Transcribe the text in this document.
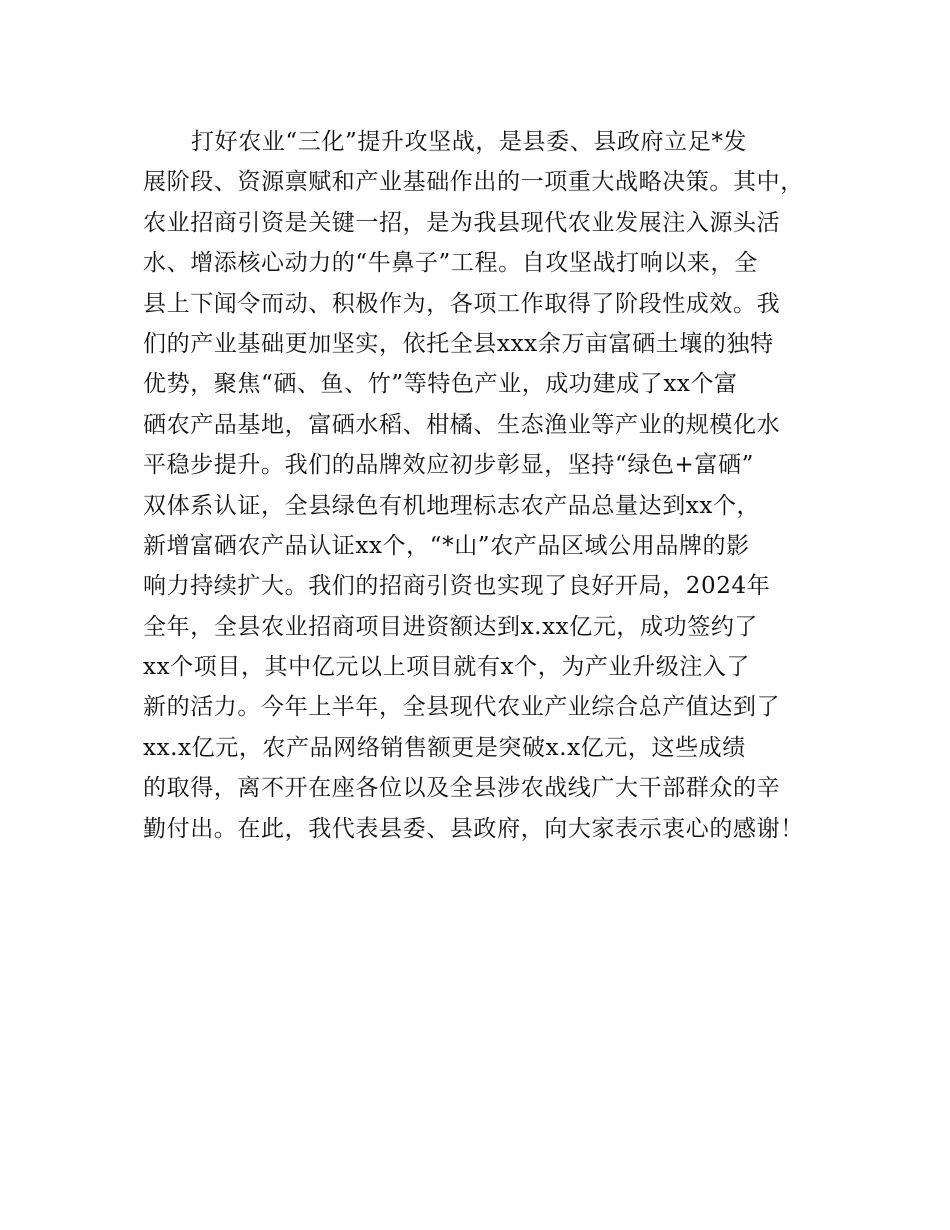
打好农业“三化”提升攻坚战，是县委、县政府立足*发
展阶段、资源禀赋和产业基础作出的一项重大战略决策。其中，
农业招商引资是关键一招，是为我县现代农业发展注入源头活
水、增添核心动力的“牛鼻子”工程。自攻坚战打响以来，全
县上下闻令而动、积极作为，各项工作取得了阶段性成效。我
们的产业基础更加坚实，依托全县xxx余万亩富硒土壤的独特
优势，聚焦“硒、鱼、竹”等特色产业，成功建成了xx个富
硒农产品基地，富硒水稻、柑橘、生态渔业等产业的规模化水
平稳步提升。我们的品牌效应初步彰显，坚持“绿色+富硒”
双体系认证，全县绿色有机地理标志农产品总量达到xx个，
新增富硒农产品认证xx个，“*山”农产品区域公用品牌的影
响力持续扩大。我们的招商引资也实现了良好开局，2024年
全年，全县农业招商项目进资额达到x.xx亿元，成功签约了
xx个项目，其中亿元以上项目就有x个，为产业升级注入了
新的活力。今年上半年，全县现代农业产业综合总产值达到了
xx.x亿元，农产品网络销售额更是突破x.x亿元，这些成绩
的取得，离不开在座各位以及全县涉农战线广大干部群众的辛
勤付出。在此，我代表县委、县政府，向大家表示衷心的感谢！
